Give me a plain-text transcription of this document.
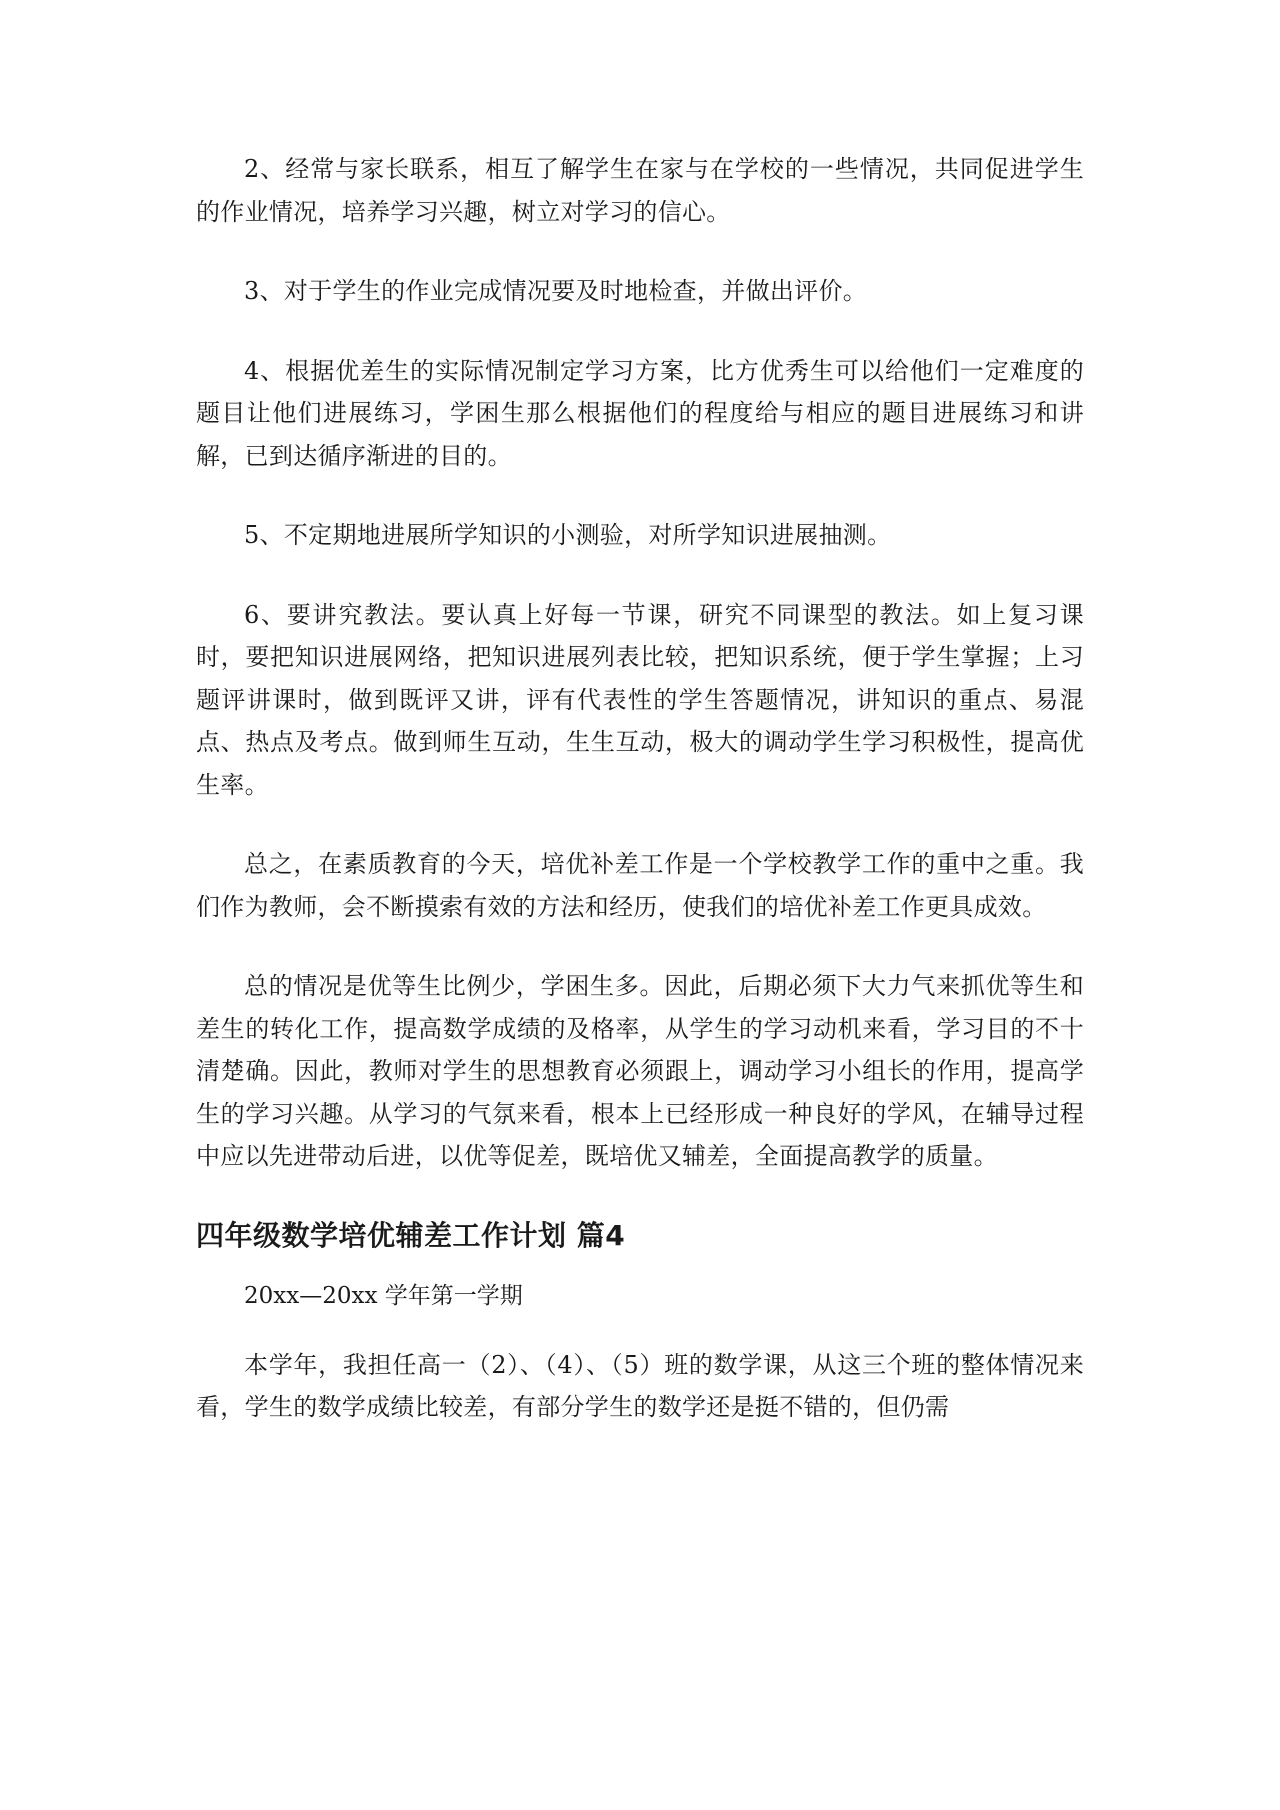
2、经常与家长联系，相互了解学生在家与在学校的一些情况，共同促进学生的作业情况，培养学习兴趣，树立对学习的信心。

3、对于学生的作业完成情况要及时地检查，并做出评价。

4、根据优差生的实际情况制定学习方案，比方优秀生可以给他们一定难度的题目让他们进展练习，学困生那么根据他们的程度给与相应的题目进展练习和讲解，已到达循序渐进的目的。

5、不定期地进展所学知识的小测验，对所学知识进展抽测。

6、要讲究教法。要认真上好每一节课，研究不同课型的教法。如上复习课时，要把知识进展网络，把知识进展列表比较，把知识系统，便于学生掌握；上习题评讲课时，做到既评又讲，评有代表性的学生答题情况，讲知识的重点、易混点、热点及考点。做到师生互动，生生互动，极大的调动学生学习积极性，提高优生率。

总之，在素质教育的今天，培优补差工作是一个学校教学工作的重中之重。我们作为教师，会不断摸索有效的方法和经历，使我们的培优补差工作更具成效。

总的情况是优等生比例少，学困生多。因此，后期必须下大力气来抓优等生和差生的转化工作，提高数学成绩的及格率，从学生的学习动机来看，学习目的不十清楚确。因此，教师对学生的思想教育必须跟上，调动学习小组长的作用，提高学生的学习兴趣。从学习的气氛来看，根本上已经形成一种良好的学风，在辅导过程中应以先进带动后进，以优等促差，既培优又辅差，全面提高教学的质量。

四年级数学培优辅差工作计划 篇4

20xx—20xx 学年第一学期

本学年，我担任高一（2）、（4）、（5）班的数学课，从这三个班的整体情况来看，学生的数学成绩比较差，有部分学生的数学还是挺不错的，但仍需
